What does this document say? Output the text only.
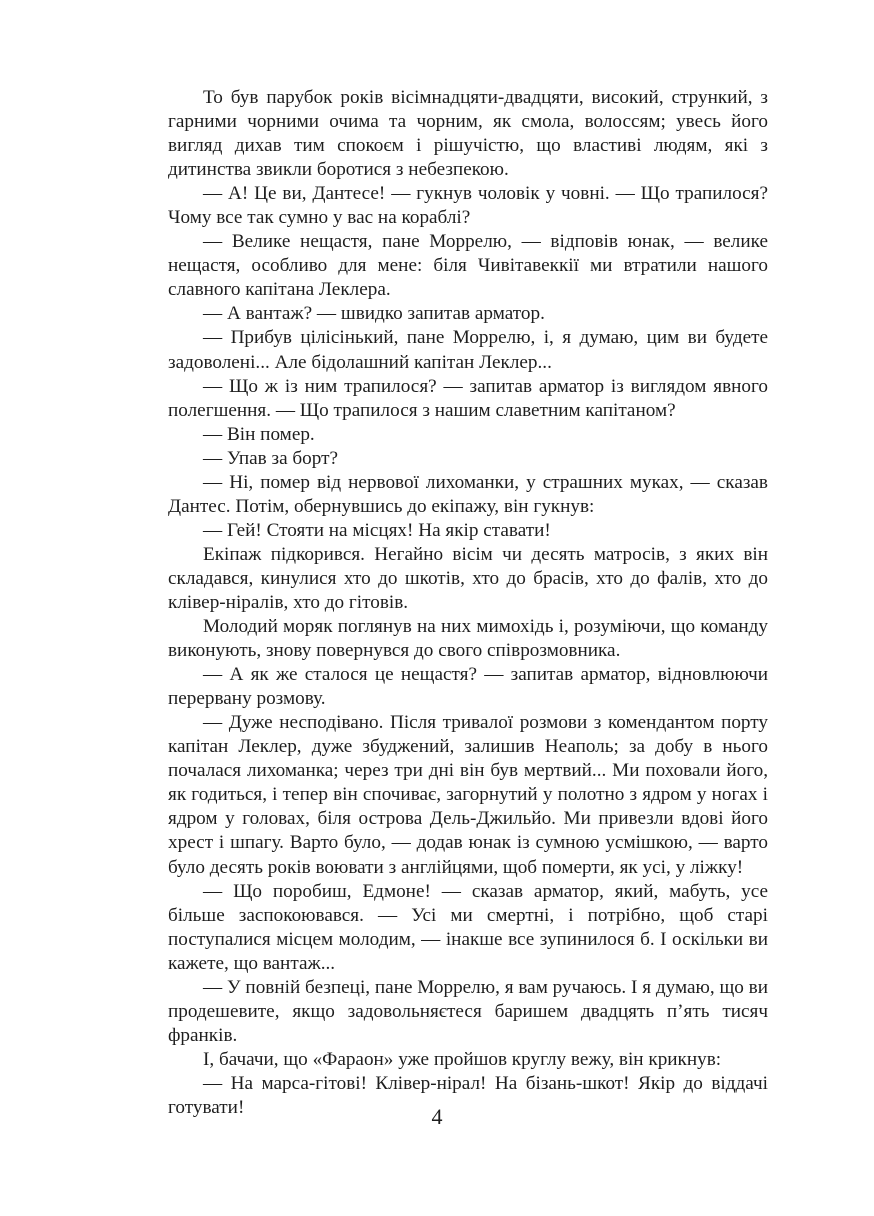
То був парубок років вісімнадцяти-двадцяти, високий, стрункий, з гарними чорними очима та чорним, як смола, волоссям; увесь його вигляд дихав тим спокоєм і рішучістю, що властиві людям, які з дитинства звикли боротися з небезпекою.

— А! Це ви, Дантесе! — гукнув чоловік у човні. — Що трапилося? Чому все так сумно у вас на кораблі?

— Велике нещастя, пане Моррелю, — відповів юнак, — велике нещастя, особливо для мене: біля Чивітавеккії ми втратили нашого славного капітана Леклера.

— А вантаж? — швидко запитав арматор.

— Прибув цілісінький, пане Моррелю, і, я думаю, цим ви будете задоволені... Але бідолашний капітан Леклер...

— Що ж із ним трапилося? — запитав арматор із виглядом явного полегшення. — Що трапилося з нашим славетним капітаном?

— Він помер.

— Упав за борт?

— Ні, помер від нервової лихоманки, у страшних муках, — сказав Дантес. Потім, обернувшись до екіпажу, він гукнув:

— Гей! Стояти на місцях! На якір ставати!

Екіпаж підкорився. Негайно вісім чи десять матросів, з яких він складався, кинулися хто до шкотів, хто до брасів, хто до фалів, хто до клівер-ніралів, хто до гітовів.

Молодий моряк поглянув на них мимохідь і, розуміючи, що команду виконують, знову повернувся до свого співрозмовника.

— А як же сталося це нещастя? — запитав арматор, відновлюючи перервану розмову.

— Дуже несподівано. Після тривалої розмови з комендантом порту капітан Леклер, дуже збуджений, залишив Неаполь; за добу в нього почалася лихоманка; через три дні він був мертвий... Ми поховали його, як годиться, і тепер він спочиває, загорнутий у полотно з ядром у ногах і ядром у головах, біля острова Дель-Джильйо. Ми привезли вдові його хрест і шпагу. Варто було, — додав юнак із сумною усмішкою, — варто було десять років воювати з англійцями, щоб померти, як усі, у ліжку!

— Що поробиш, Едмоне! — сказав арматор, який, мабуть, усе більше заспокоювався. — Усі ми смертні, і потрібно, щоб старі поступалися місцем молодим, — інакше все зупинилося б. І оскільки ви кажете, що вантаж...

— У повній безпеці, пане Моррелю, я вам ручаюсь. І я думаю, що ви продешевите, якщо задовольняєтеся баришем двадцять п’ять тисяч франків.

І, бачачи, що «Фараон» уже пройшов круглу вежу, він крикнув:

— На марса-гітові! Клівер-нірал! На бізань-шкот! Якір до віддачі готувати!	4
